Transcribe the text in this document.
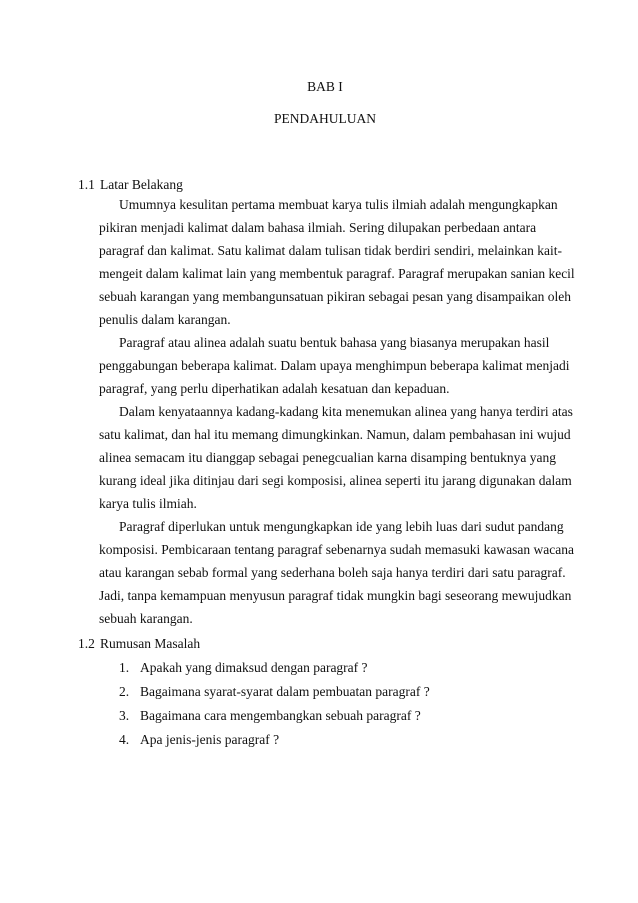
BAB I
PENDAHULUAN
1.1 Latar Belakang
Umumnya kesulitan pertama membuat karya tulis ilmiah adalah mengungkapkan
pikiran menjadi kalimat dalam bahasa ilmiah. Sering dilupakan perbedaan antara
paragraf dan kalimat. Satu kalimat dalam tulisan tidak berdiri sendiri, melainkan kait-
mengeit dalam kalimat lain yang membentuk paragraf. Paragraf merupakan sanian kecil
sebuah karangan yang membangunsatuan pikiran sebagai pesan yang disampaikan oleh
penulis dalam karangan.
Paragraf atau alinea adalah suatu bentuk bahasa yang biasanya merupakan hasil
penggabungan beberapa kalimat. Dalam upaya menghimpun beberapa kalimat menjadi
paragraf, yang perlu diperhatikan adalah kesatuan dan kepaduan.
Dalam kenyataannya kadang-kadang kita menemukan alinea yang hanya terdiri atas
satu kalimat, dan hal itu memang dimungkinkan. Namun, dalam pembahasan ini wujud
alinea semacam itu dianggap sebagai penegcualian karna disamping bentuknya yang
kurang ideal jika ditinjau dari segi komposisi, alinea seperti itu jarang digunakan dalam
karya tulis ilmiah.
Paragraf diperlukan untuk mengungkapkan ide yang lebih luas dari sudut pandang
komposisi. Pembicaraan tentang paragraf sebenarnya sudah memasuki kawasan wacana
atau karangan sebab formal yang sederhana boleh saja hanya terdiri dari satu paragraf.
Jadi, tanpa kemampuan menyusun paragraf tidak mungkin bagi seseorang mewujudkan
sebuah karangan.
1.2 Rumusan Masalah
1. Apakah yang dimaksud dengan paragraf ?
2. Bagaimana syarat-syarat dalam pembuatan paragraf ?
3. Bagaimana cara mengembangkan sebuah paragraf ?
4. Apa jenis-jenis paragraf ?
